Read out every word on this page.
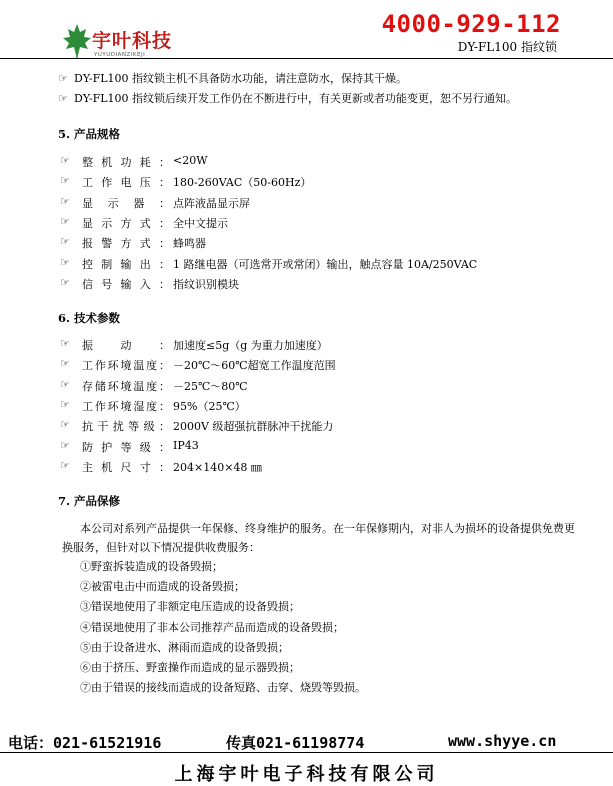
宇叶科技
YUYUDIANZIKEJI
4000-929-112
DY-FL100 指纹锁
☞ DY-FL100 指纹锁主机不具备防水功能，请注意防水，保持其干燥。
☞ DY-FL100 指纹锁后续开发工作仍在不断进行中，有关更新或者功能变更，恕不另行通知。
5. 产品规格
☞ 整 机 功 耗 ： <20W
☞ 工 作 电 压 ： 180-260VAC（50-60Hz）
☞ 显 示 器 ： 点阵液晶显示屏
☞ 显 示 方 式 ： 全中文提示
☞ 报 警 方 式 ： 蜂鸣器
☞ 控 制 输 出 ： 1 路继电器（可选常开或常闭）输出，触点容量 10A/250VAC
☞ 信 号 输 入 ： 指纹识别模块
6. 技术参数
☞ 振	动	： 加速度≤5g（g 为重力加速度）
☞ 工 作 环 境 温 度 ： －20℃～60℃超宽工作温度范围
☞ 存 储 环 境 温 度 ： －25℃～80℃
☞ 工 作 环 境 湿 度 ： 95%（25℃）
☞ 抗 干 扰 等 级 ： 2000V 级超强抗群脉冲干扰能力
☞ 防 护 等 级 ： IP43
☞ 主 机 尺 寸 ： 204×140×48 ㎜
7. 产品保修
本公司对系列产品提供一年保修、终身维护的服务。在一年保修期内，对非人为损坏的设备提供免费更换服务，但针对以下情况提供收费服务：
①野蛮拆装造成的设备毁损；
②被雷电击中而造成的设备毁损；
③错误地使用了非额定电压造成的设备毁损；
④错误地使用了非本公司推荐产品而造成的设备毁损；
⑤由于设备进水、淋雨而造成的设备毁损；
⑥由于挤压、野蛮操作而造成的显示器毁损；
⑦由于错误的接线而造成的设备短路、击穿、烧毁等毁损。
电话：021-61521916	传真021-61198774	www.shyye.cn
上海宇叶电子科技有限公司
